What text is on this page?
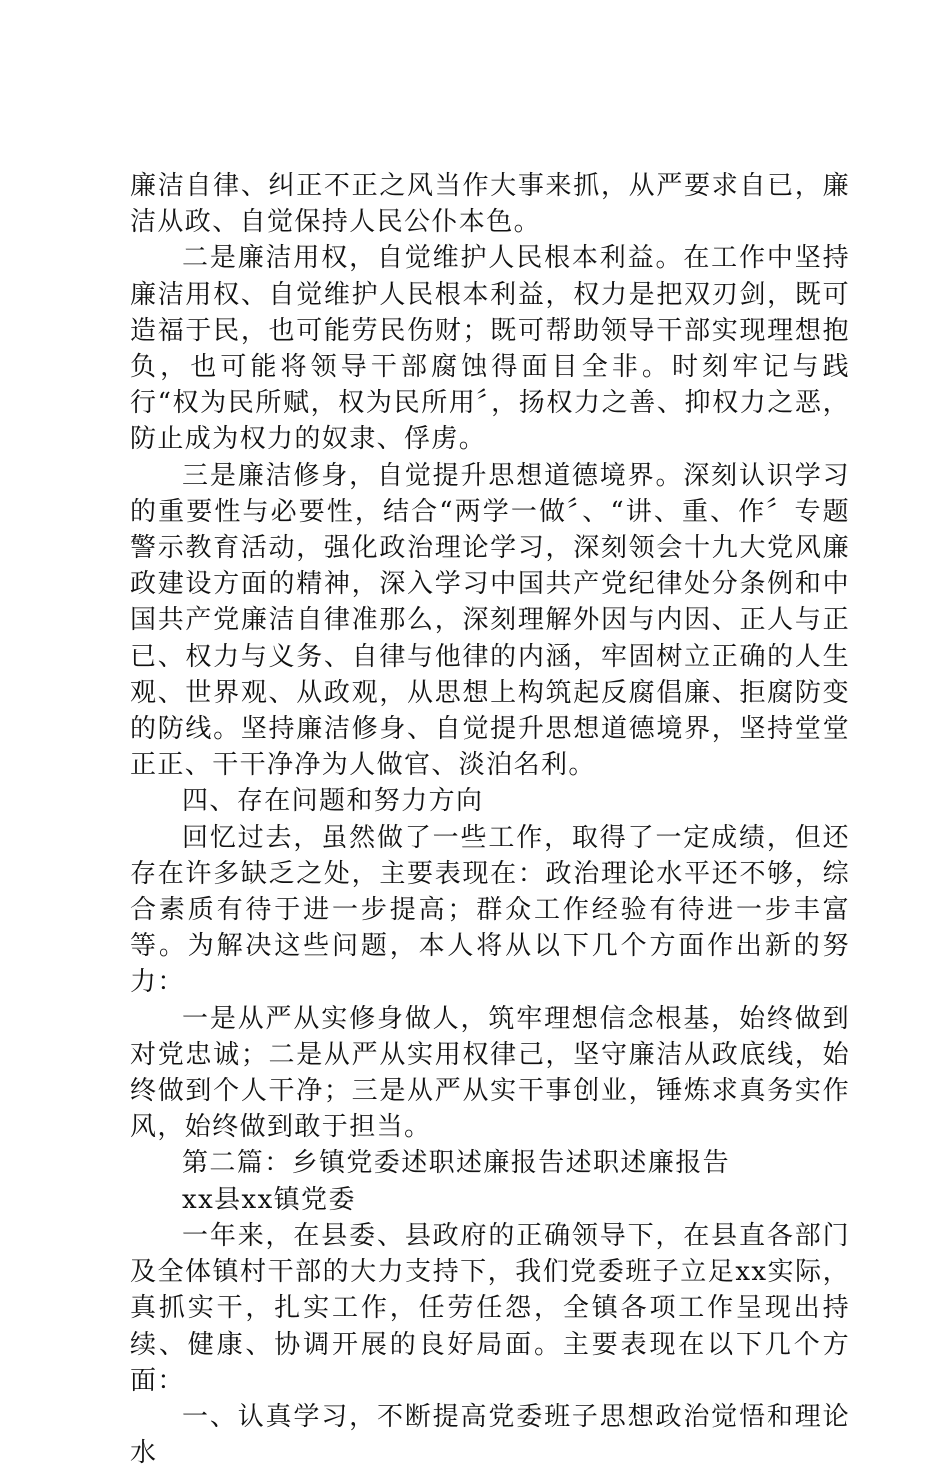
廉洁自律、纠正不正之风当作大事来抓，从严要求自已，廉洁从政、自觉保持人民公仆本色。

二是廉洁用权，自觉维护人民根本利益。在工作中坚持廉洁用权、自觉维护人民根本利益，权力是把双刃剑，既可造福于民，也可能劳民伤财；既可帮助领导干部实现理想抱负，也可能将领导干部腐蚀得面目全非。时刻牢记与践行“权为民所赋，权为民所用〞，扬权力之善、抑权力之恶，防止成为权力的奴隶、俘虏。

三是廉洁修身，自觉提升思想道德境界。深刻认识学习的重要性与必要性，结合“两学一做〞、“讲、重、作〞专题警示教育活动，强化政治理论学习，深刻领会十九大党风廉政建设方面的精神，深入学习中国共产党纪律处分条例和中国共产党廉洁自律准那么，深刻理解外因与内因、正人与正已、权力与义务、自律与他律的内涵，牢固树立正确的人生观、世界观、从政观，从思想上构筑起反腐倡廉、拒腐防变的防线。坚持廉洁修身、自觉提升思想道德境界，坚持堂堂正正、干干净净为人做官、淡泊名利。

四、存在问题和努力方向

回忆过去，虽然做了一些工作，取得了一定成绩，但还存在许多缺乏之处，主要表现在：政治理论水平还不够，综合素质有待于进一步提高；群众工作经验有待进一步丰富等。为解决这些问题，本人将从以下几个方面作出新的努力：

一是从严从实修身做人，筑牢理想信念根基，始终做到对党忠诚；二是从严从实用权律己，坚守廉洁从政底线，始终做到个人干净；三是从严从实干事创业，锤炼求真务实作风，始终做到敢于担当。

第二篇：乡镇党委述职述廉报告述职述廉报告

xx县xx镇党委

一年来，在县委、县政府的正确领导下，在县直各部门及全体镇村干部的大力支持下，我们党委班子立足xx实际，真抓实干，扎实工作，任劳任怨，全镇各项工作呈现出持续、健康、协调开展的良好局面。主要表现在以下几个方面：

一、认真学习，不断提高党委班子思想政治觉悟和理论水
